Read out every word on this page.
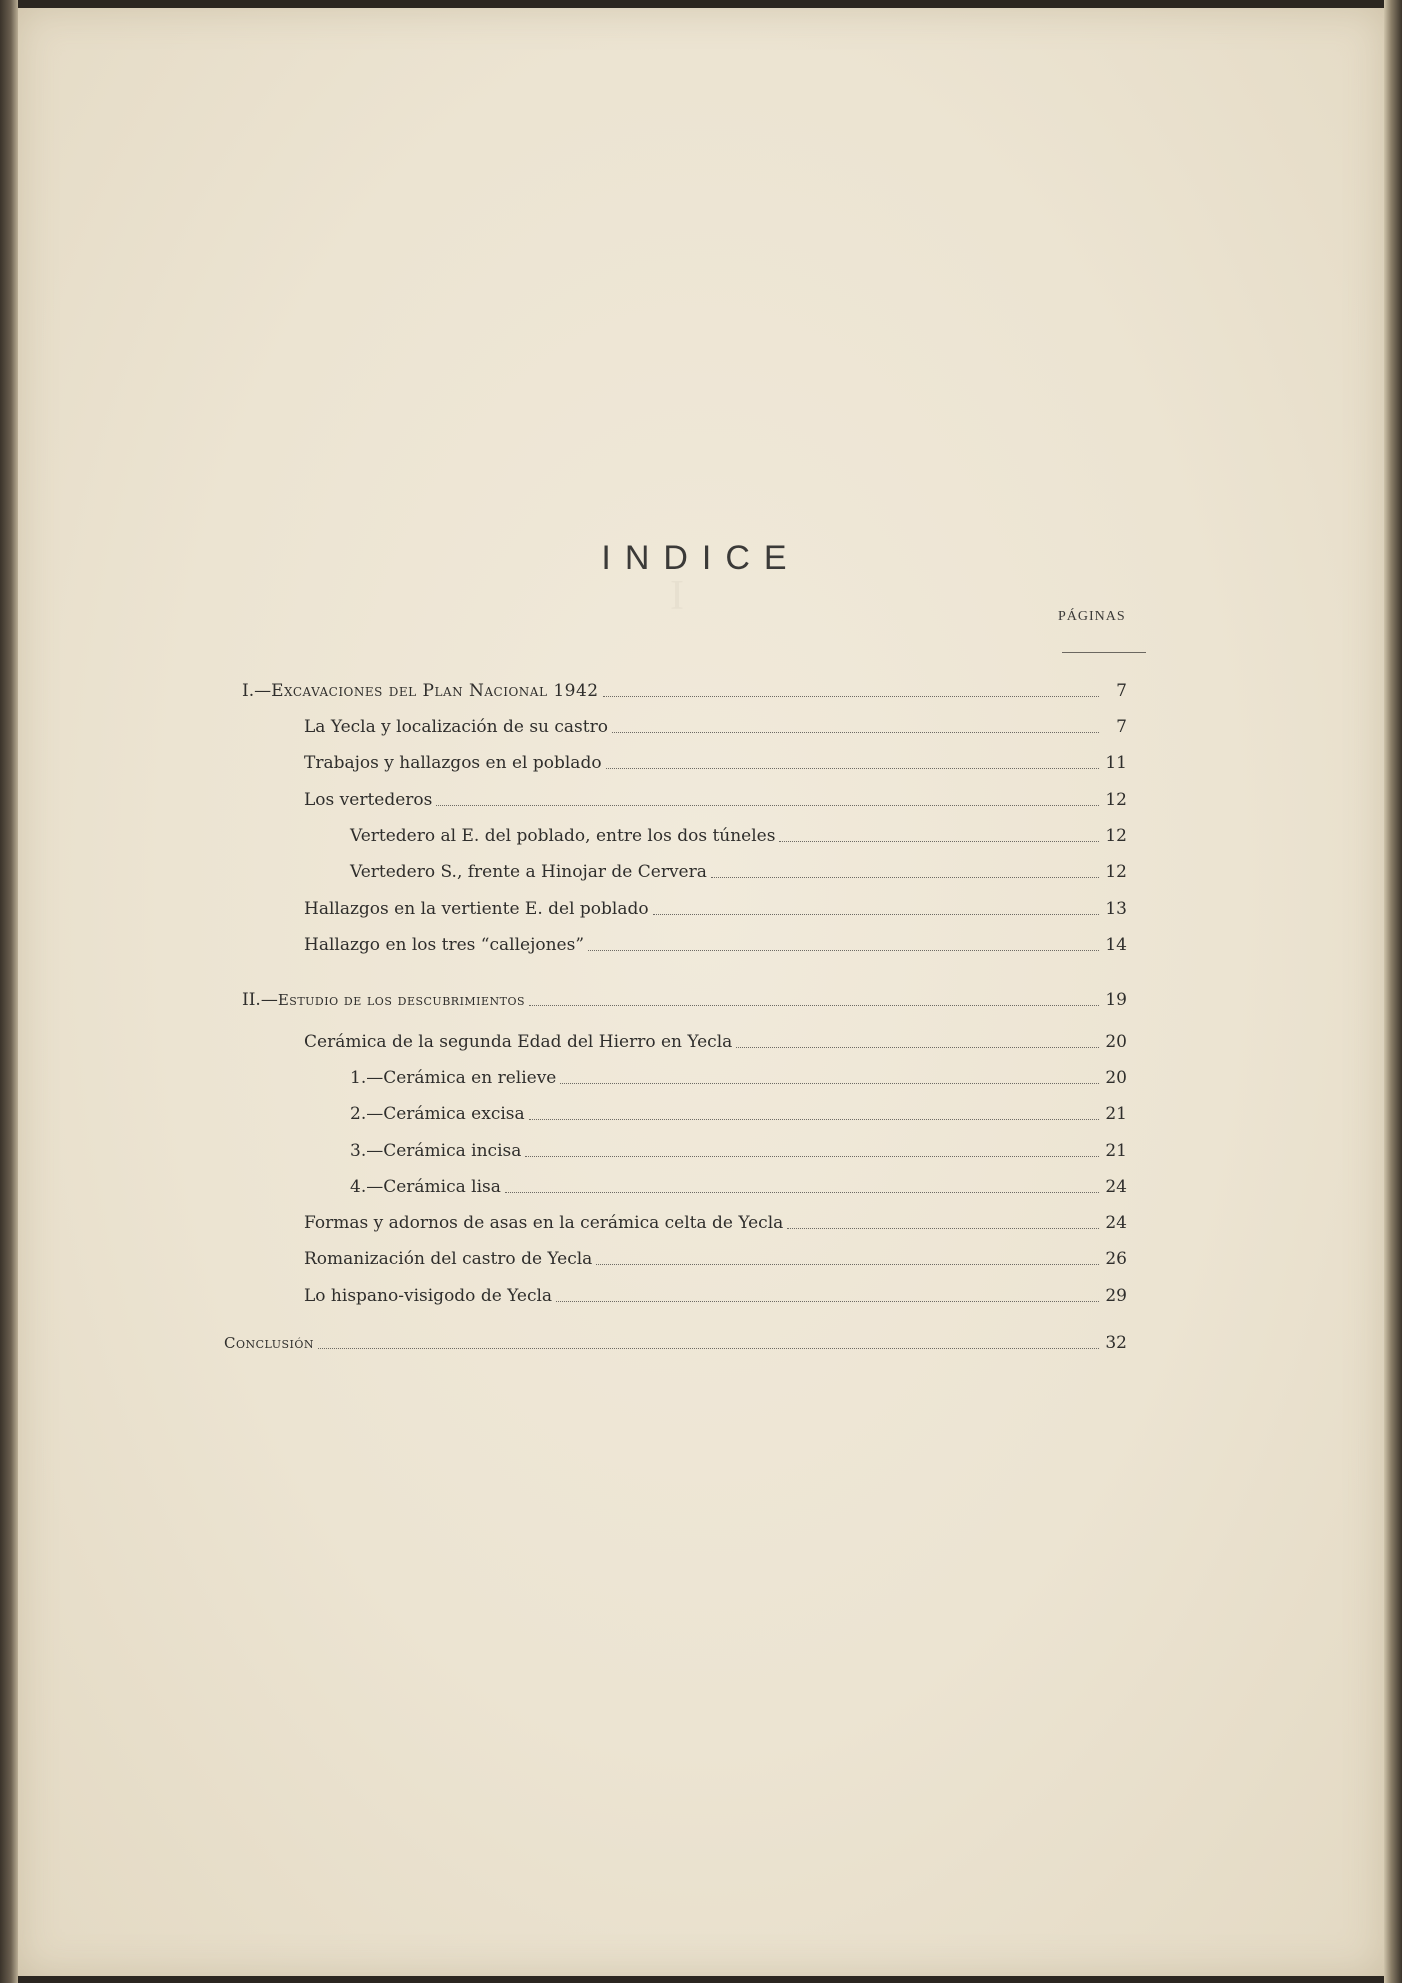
INDICE
PÁGINAS
I.—Excavaciones del Plan Nacional 1942	7
La Yecla y localización de su castro	7
Trabajos y hallazgos en el poblado	11
Los vertederos	12
Vertedero al E. del poblado, entre los dos túneles	12
Vertedero S., frente a Hinojar de Cervera	12
Hallazgos en la vertiente E. del poblado	13
Hallazgo en los tres “callejones”	14
II.—Estudio de los descubrimientos	19
Cerámica de la segunda Edad del Hierro en Yecla	20
1.—Cerámica en relieve	20
2.—Cerámica excisa	21
3.—Cerámica incisa	21
4.—Cerámica lisa	24
Formas y adornos de asas en la cerámica celta de Yecla	24
Romanización del castro de Yecla	26
Lo hispano-visigodo de Yecla	29
Conclusión	32
